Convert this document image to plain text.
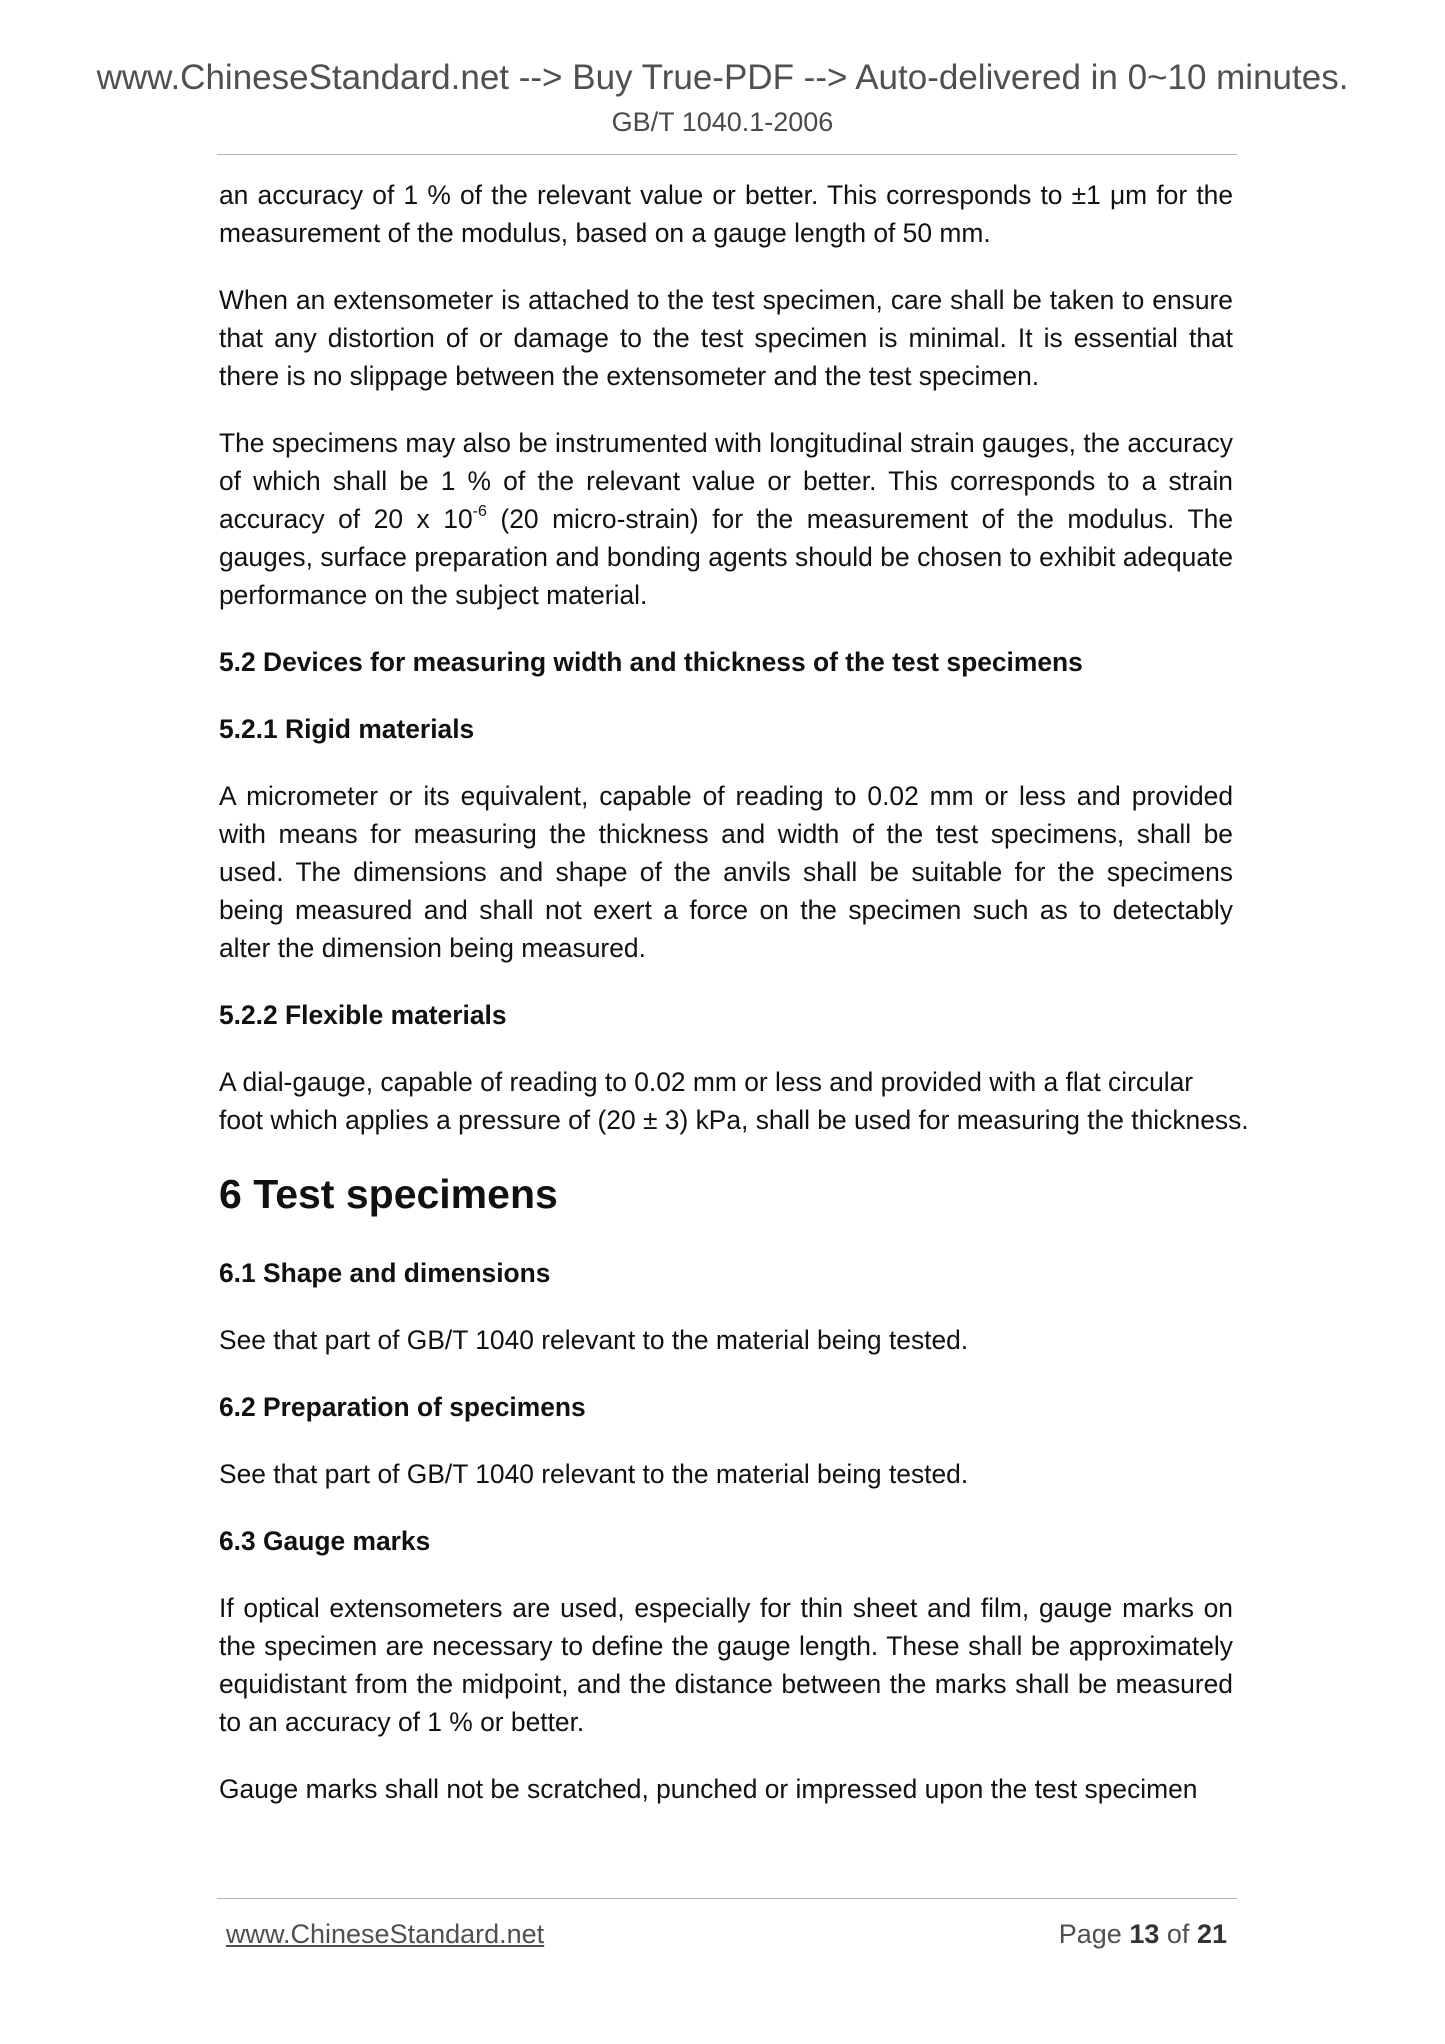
www.ChineseStandard.net --> Buy True-PDF --> Auto-delivered in 0~10 minutes.
GB/T 1040.1-2006

an accuracy of 1 % of the relevant value or better. This corresponds to ±1 μm for the measurement of the modulus, based on a gauge length of 50 mm.

When an extensometer is attached to the test specimen, care shall be taken to ensure that any distortion of or damage to the test specimen is minimal. It is essential that there is no slippage between the extensometer and the test specimen.

The specimens may also be instrumented with longitudinal strain gauges, the accuracy of which shall be 1 % of the relevant value or better. This corresponds to a strain accuracy of 20 x $10^{-6}$ (20 micro-strain) for the measurement of the modulus. The gauges, surface preparation and bonding agents should be chosen to exhibit adequate performance on the subject material.

5.2 Devices for measuring width and thickness of the test specimens
5.2.1 Rigid materials

A micrometer or its equivalent, capable of reading to 0.02 mm or less and provided with means for measuring the thickness and width of the test specimens, shall be used. The dimensions and shape of the anvils shall be suitable for the specimens being measured and shall not exert a force on the specimen such as to detectably alter the dimension being measured.

5.2.2 Flexible materials

A dial-gauge, capable of reading to 0.02 mm or less and provided with a flat circular
foot which applies a pressure of (20 ± 3) kPa, shall be used for measuring the thickness.

6 Test specimens
6.1 Shape and dimensions

See that part of GB/T 1040 relevant to the material being tested.

6.2 Preparation of specimens

See that part of GB/T 1040 relevant to the material being tested.

6.3 Gauge marks

If optical extensometers are used, especially for thin sheet and film, gauge marks on the specimen are necessary to define the gauge length. These shall be approximately equidistant from the midpoint, and the distance between the marks shall be measured to an accuracy of 1 % or better.

Gauge marks shall not be scratched, punched or impressed upon the test specimen

www.ChineseStandard.net	Page 13 of 21
